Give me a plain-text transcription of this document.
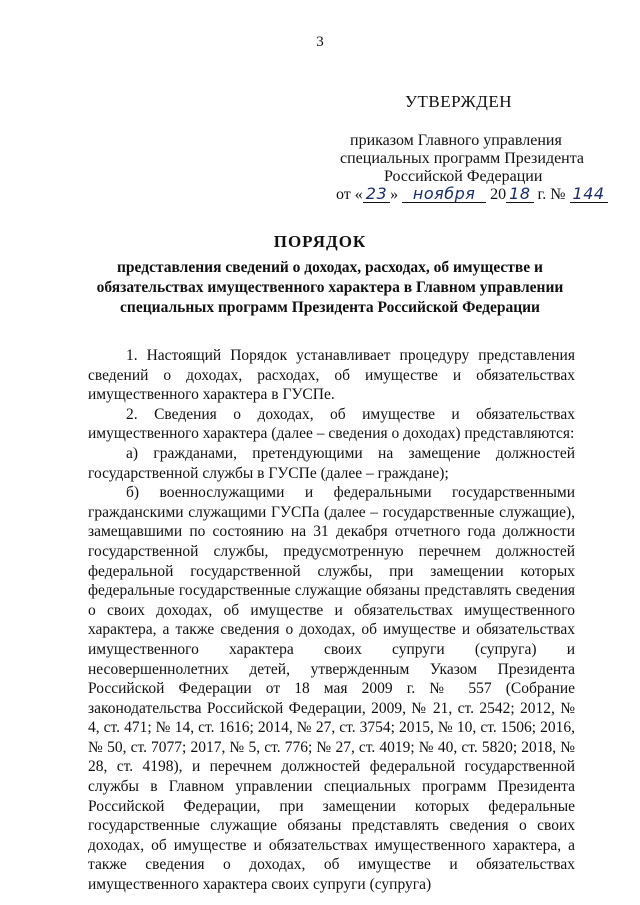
3
УТВЕРЖДЕН
приказом Главного управления
специальных программ Президента
Российской Федерации
от « 23 » ноября 20 18 г. № 144
ПОРЯДОК
представления сведений о доходах, расходах, об имуществе и обязательствах имущественного характера в Главном управлении специальных программ Президента Российской Федерации

1. Настоящий Порядок устанавливает процедуру представления сведений о доходах, расходах, об имуществе и обязательствах имущественного характера в ГУСПе.

2. Сведения о доходах, об имуществе и обязательствах имущественного характера (далее – сведения о доходах) представляются:

а) гражданами, претендующими на замещение должностей государственной службы в ГУСПе (далее – граждане);

б) военнослужащими и федеральными государственными гражданскими служащими ГУСПа (далее – государственные служащие), замещавшими по состоянию на 31 декабря отчетного года должности государственной службы, предусмотренную перечнем должностей федеральной государственной службы, при замещении которых федеральные государственные служащие обязаны представлять сведения о своих доходах, об имуществе и обязательствах имущественного характера, а также сведения о доходах, об имуществе и обязательствах имущественного характера своих супруги (супруга) и несовершеннолетних детей, утвержденным Указом Президента Российской Федерации от 18 мая 2009 г. № 557 (Собрание законодательства Российской Федерации, 2009, № 21, ст. 2542; 2012, № 4, ст. 471; № 14, ст. 1616; 2014, № 27, ст. 3754; 2015, № 10, ст. 1506; 2016, № 50, ст. 7077; 2017, № 5, ст. 776; № 27, ст. 4019; № 40, ст. 5820; 2018, № 28, ст. 4198), и перечнем должностей федеральной государственной службы в Главном управлении специальных программ Президента Российской Федерации, при замещении которых федеральные государственные служащие обязаны представлять сведения о своих доходах, об имуществе и обязательствах имущественного характера, а также сведения о доходах, об имуществе и обязательствах имущественного характера своих супруги (супруга)
